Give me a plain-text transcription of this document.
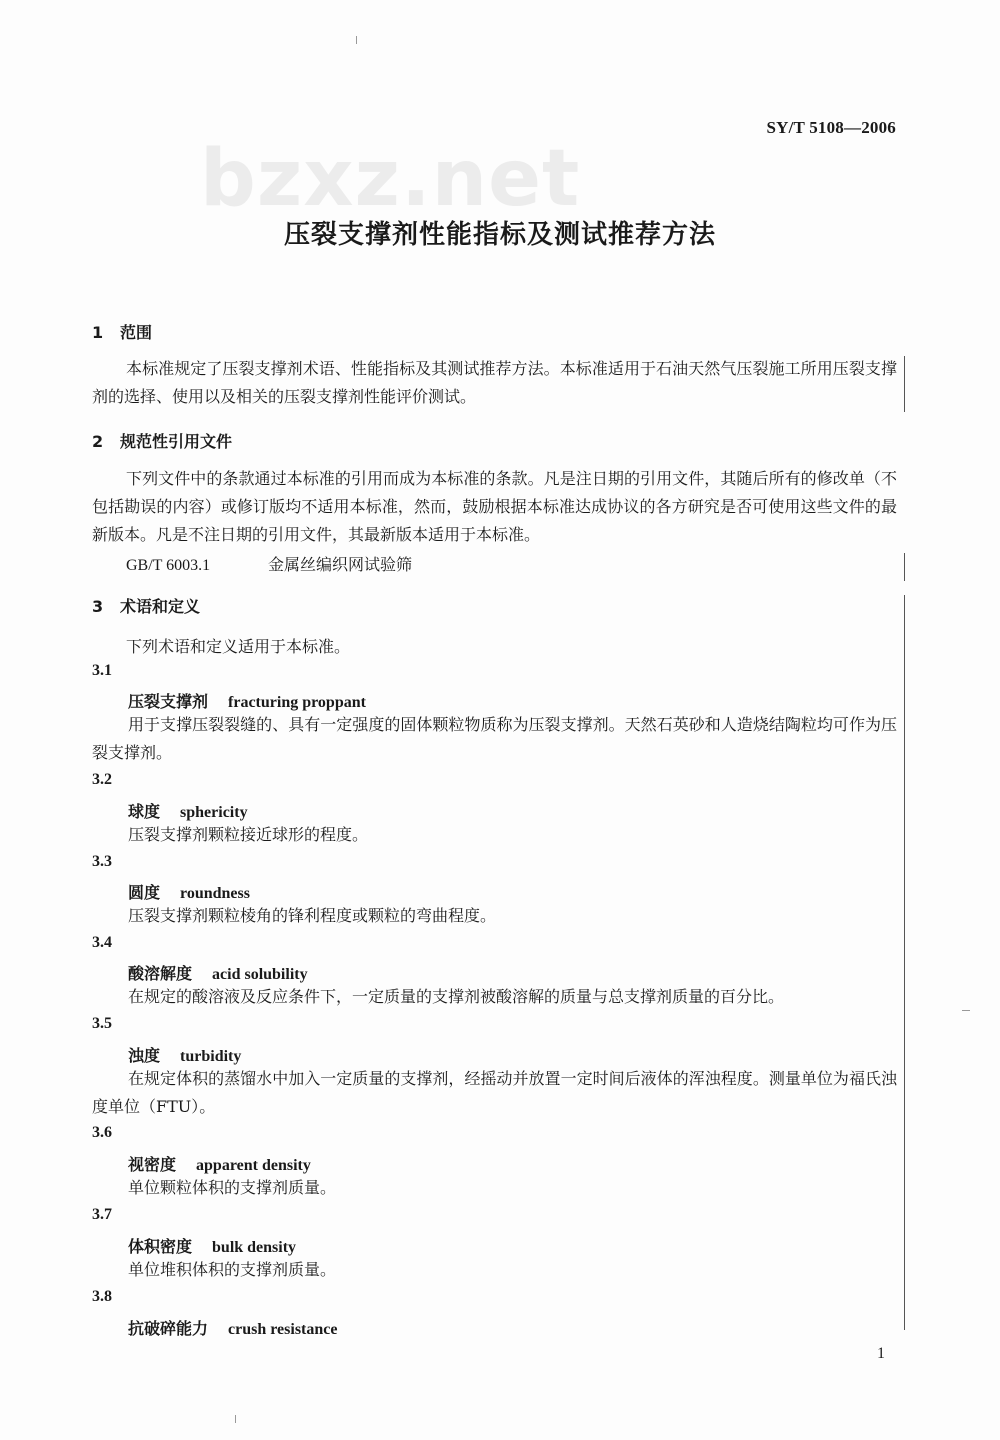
bzxz.net
SY/T 5108—2006
压裂支撑剂性能指标及测试推荐方法
1 范围
本标准规定了压裂支撑剂术语、性能指标及其测试推荐方法。本标准适用于石油天然气压裂施工所用压裂支撑剂的选择、使用以及相关的压裂支撑剂性能评价测试。
2 规范性引用文件
下列文件中的条款通过本标准的引用而成为本标准的条款。凡是注日期的引用文件，其随后所有的修改单（不包括勘误的内容）或修订版均不适用本标准，然而，鼓励根据本标准达成协议的各方研究是否可使用这些文件的最新版本。凡是不注日期的引用文件，其最新版本适用于本标准。
GB/T 6003.1	金属丝编织网试验筛
3 术语和定义
下列术语和定义适用于本标准。
3.1
压裂支撑剂 fracturing proppant
用于支撑压裂裂缝的、具有一定强度的固体颗粒物质称为压裂支撑剂。天然石英砂和人造烧结陶粒均可作为压裂支撑剂。
3.2
球度 sphericity
压裂支撑剂颗粒接近球形的程度。
3.3
圆度 roundness
压裂支撑剂颗粒棱角的锋利程度或颗粒的弯曲程度。
3.4
酸溶解度 acid solubility
在规定的酸溶液及反应条件下，一定质量的支撑剂被酸溶解的质量与总支撑剂质量的百分比。
3.5
浊度 turbidity
在规定体积的蒸馏水中加入一定质量的支撑剂，经摇动并放置一定时间后液体的浑浊程度。测量单位为福氏浊度单位（FTU）。
3.6
视密度 apparent density
单位颗粒体积的支撑剂质量。
3.7
体积密度 bulk density
单位堆积体积的支撑剂质量。
3.8
抗破碎能力 crush resistance
1
